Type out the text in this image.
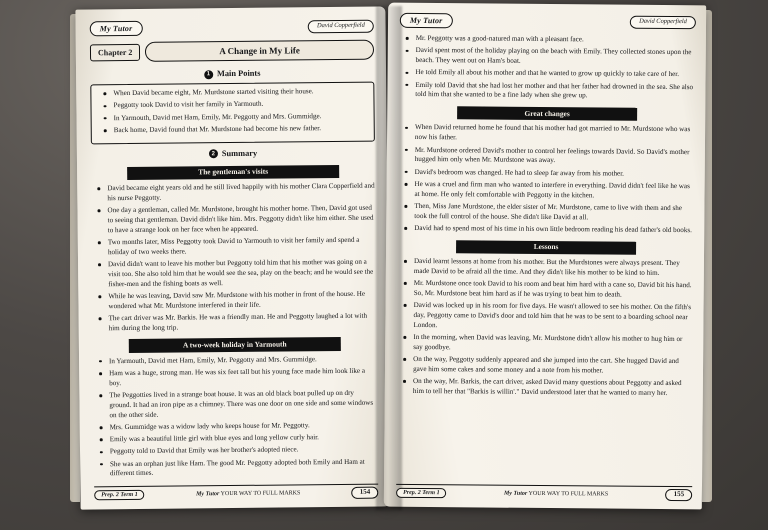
My Tutor	David Copperfield
Chapter 2	A Change in My Life
1 Main Points
When David became eight, Mr. Murdstone started visiting their house.
Peggotty took David to visit her family in Yarmouth.
In Yarmouth, David met Ham, Emily, Mr. Peggotty and Mrs. Gummidge.
Back home, David found that Mr. Murdstone had become his new father.
2 Summary
The gentleman's visits
David became eight years old and he still lived happily with his mother Clara Copperfield and his nurse Peggotty.
One day a gentleman, called Mr. Murdstone, brought his mother home. Then, David got used to seeing that gentleman. David didn't like him. Mrs. Peggotty didn't like him either. She used to have a strange look on her face when he appeared.
Two months later, Miss Peggotty took David to Yarmouth to visit her family and spend a holiday of two weeks there.
David didn't want to leave his mother but Peggotty told him that his mother was going on a visit too. She also told him that he would see the sea, play on the beach; and he would see the fisher-men and the fishing boats as well.
While he was leaving, David saw Mr. Murdstone with his mother in front of the house. He wondered what Mr. Murdstone interfered in their life.
The cart driver was Mr. Barkis. He was a friendly man. He and Peggotty laughed a lot with him during the long trip.
A two-week holiday in Yarmouth
In Yarmouth, David met Ham, Emily, Mr. Peggotty and Mrs. Gummidge.
Ham was a huge, strong man. He was six feet tall but his young face made him look like a boy.
The Peggotties lived in a strange boat house. It was an old black boat pulled up on dry ground. It had an iron pipe as a chimney. There was one door on one side and some windows on the other side.
Mrs. Gummidge was a widow lady who keeps house for Mr. Peggotty.
Emily was a beautiful little girl with blue eyes and long yellow curly hair.
Peggotty told to David that Emily was her brother's adopted niece.
She was an orphan just like Ham. The good Mr. Peggotty adopted both Emily and Ham at different times.
Prep. 2 Term 1	My Tutor YOUR WAY TO FULL MARKS	154
My Tutor	David Copperfield
Mr. Peggotty was a good-natured man with a pleasant face.
David spent most of the holiday playing on the beach with Emily. They collected stones upon the beach. They went out on Ham's boat.
He told Emily all about his mother and that he wanted to grow up quickly to take care of her.
Emily told David that she had lost her mother and that her father had drowned in the sea. She also told him that she wanted to be a fine lady when she grew up.
Great changes
When David returned home he found that his mother had got married to Mr. Murdstone who was now his father.
Mr. Murdstone ordered David's mother to control her feelings towards David. So David's mother hugged him only when Mr. Murdstone was away.
David's bedroom was changed. He had to sleep far away from his mother.
He was a cruel and firm man who wanted to interfere in everything. David didn't feel like he was at home. He only felt comfortable with Peggotty in the kitchen.
Then, Miss Jane Murdstone, the elder sister of Mr. Murdstone, came to live with them and she took the full control of the house. She didn't like David at all.
David had to spend most of his time in his own little bedroom reading his dead father's old books.
Lessons
David learnt lessons at home from his mother. But the Murdstones were always present. They made David to be afraid all the time. And they didn't like his mother to be kind to him.
Mr. Murdstone once took David to his room and beat him hard with a cane so, David bit his hand. So, Mr. Murdstone beat him hard as if he was trying to beat him to death.
David was locked up in his room for five days. He wasn't allowed to see his mother. On the fifth's day, Peggotty came to David's door and told him that he was to be sent to a boarding school near London.
In the morning, when David was leaving, Mr. Murdstone didn't allow his mother to hug him or say goodbye.
On the way, Peggotty suddenly appeared and she jumped into the cart. She hugged David and gave him some cakes and some money and a note from his mother.
On the way, Mr. Barkis, the cart driver, asked David many questions about Peggotty and asked him to tell her that "Barkis is willin'." David understood later that he wanted to marry her.
Prep. 2 Term 1	My Tutor YOUR WAY TO FULL MARKS	155
